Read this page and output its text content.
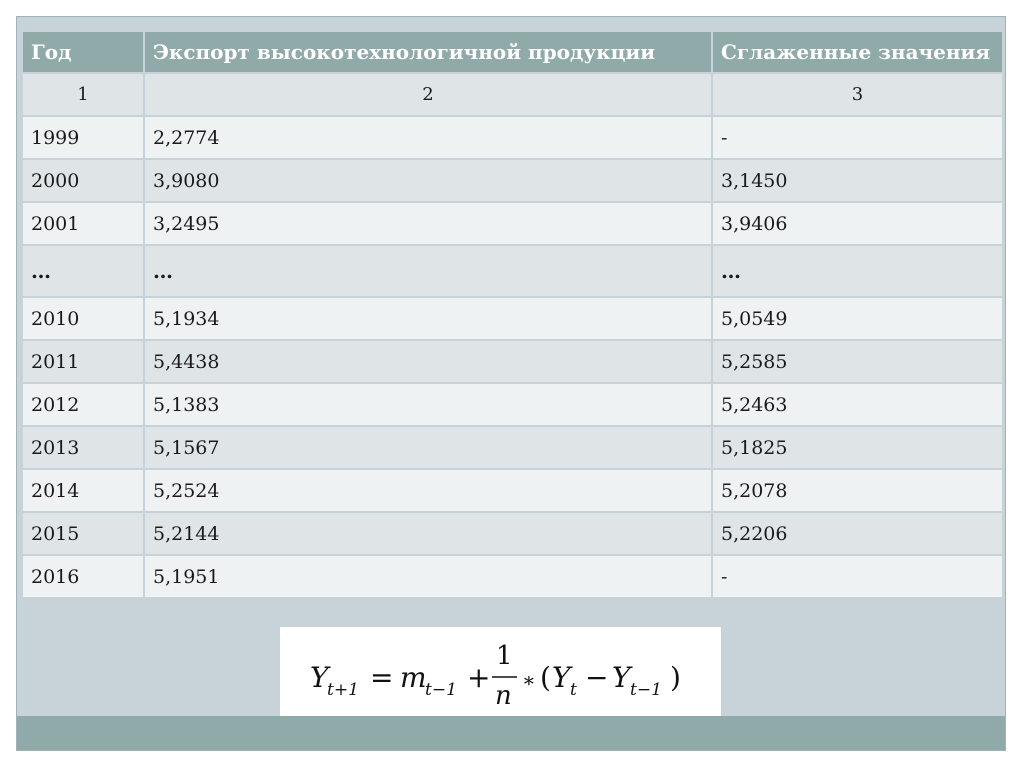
Год	Экспорт высокотехнологичной продукции	Сглаженные значения
1	2	3
1999	2,2774	-
2000	3,9080	3,1450
2001	3,2495	3,9406
…	…	…
2010	5,1934	5,0549
2011	5,4438	5,2585
2012	5,1383	5,2463
2013	5,1567	5,1825
2014	5,2524	5,2078
2015	5,2144	5,2206
2016	5,1951	-
Y
t+1 = m
t−1 +
1
n
∗ ( Y t − Y t−1 )
